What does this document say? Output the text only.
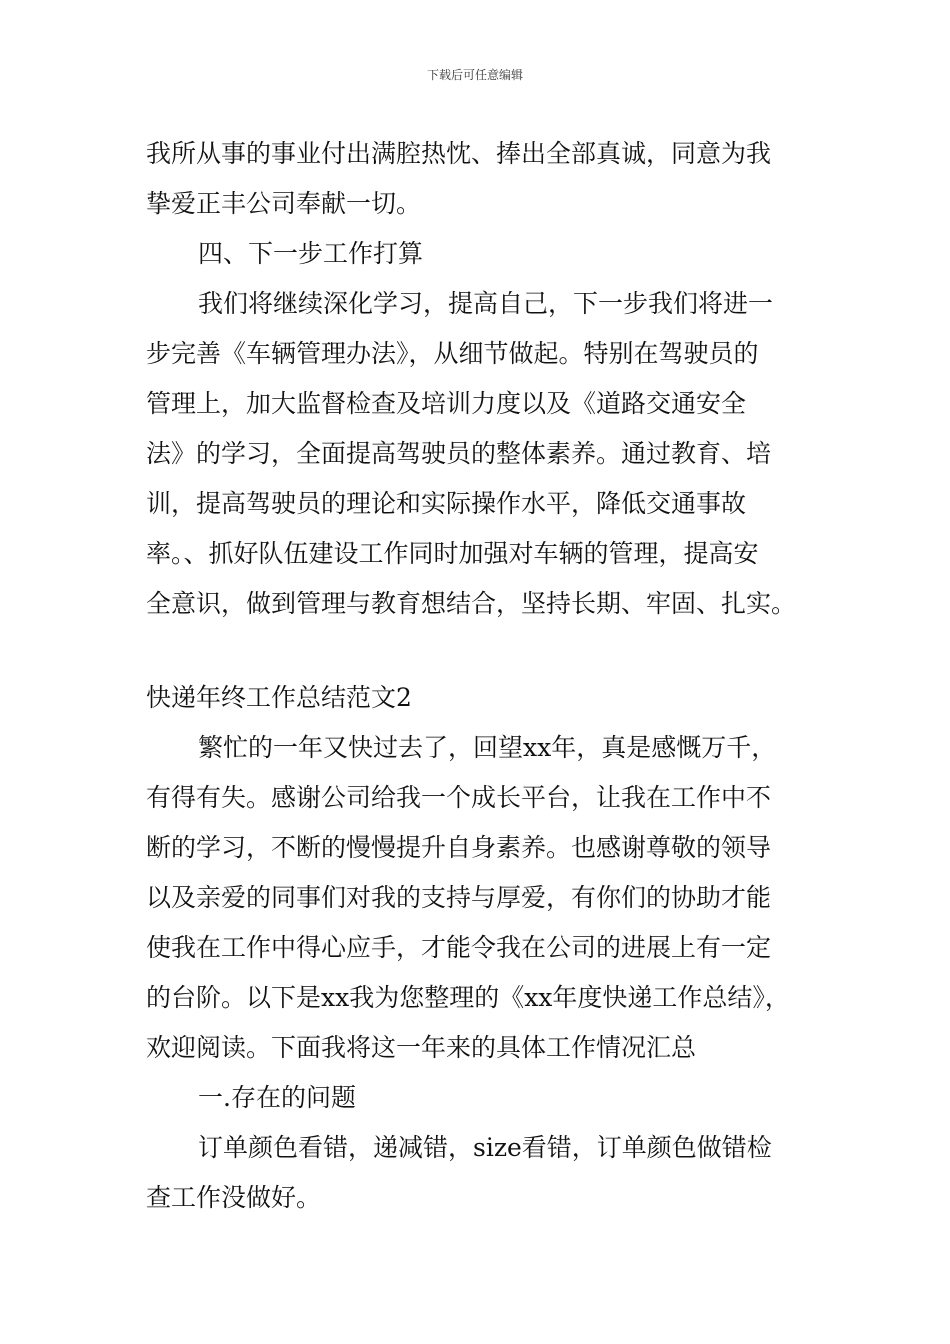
下载后可任意编辑
我所从事的事业付出满腔热忱、捧出全部真诚，同意为我
挚爱正丰公司奉献一切。
四、下一步工作打算
我们将继续深化学习，提高自己，下一步我们将进一
步完善《车辆管理办法》，从细节做起。特别在驾驶员的
管理上，加大监督检查及培训力度以及《道路交通安全
法》的学习，全面提高驾驶员的整体素养。通过教育、培
训，提高驾驶员的理论和实际操作水平，降低交通事故
率。、抓好队伍建设工作同时加强对车辆的管理，提高安
全意识，做到管理与教育想结合，坚持长期、牢固、扎实。
快递年终工作总结范文2
繁忙的一年又快过去了，回望xx年，真是感慨万千，
有得有失。感谢公司给我一个成长平台，让我在工作中不
断的学习，不断的慢慢提升自身素养。也感谢尊敬的领导
以及亲爱的同事们对我的支持与厚爱，有你们的协助才能
使我在工作中得心应手，才能令我在公司的进展上有一定
的台阶。以下是xx我为您整理的《xx年度快递工作总结》，
欢迎阅读。下面我将这一年来的具体工作情况汇总
一.存在的问题
订单颜色看错，递减错，size看错，订单颜色做错检
查工作没做好。
